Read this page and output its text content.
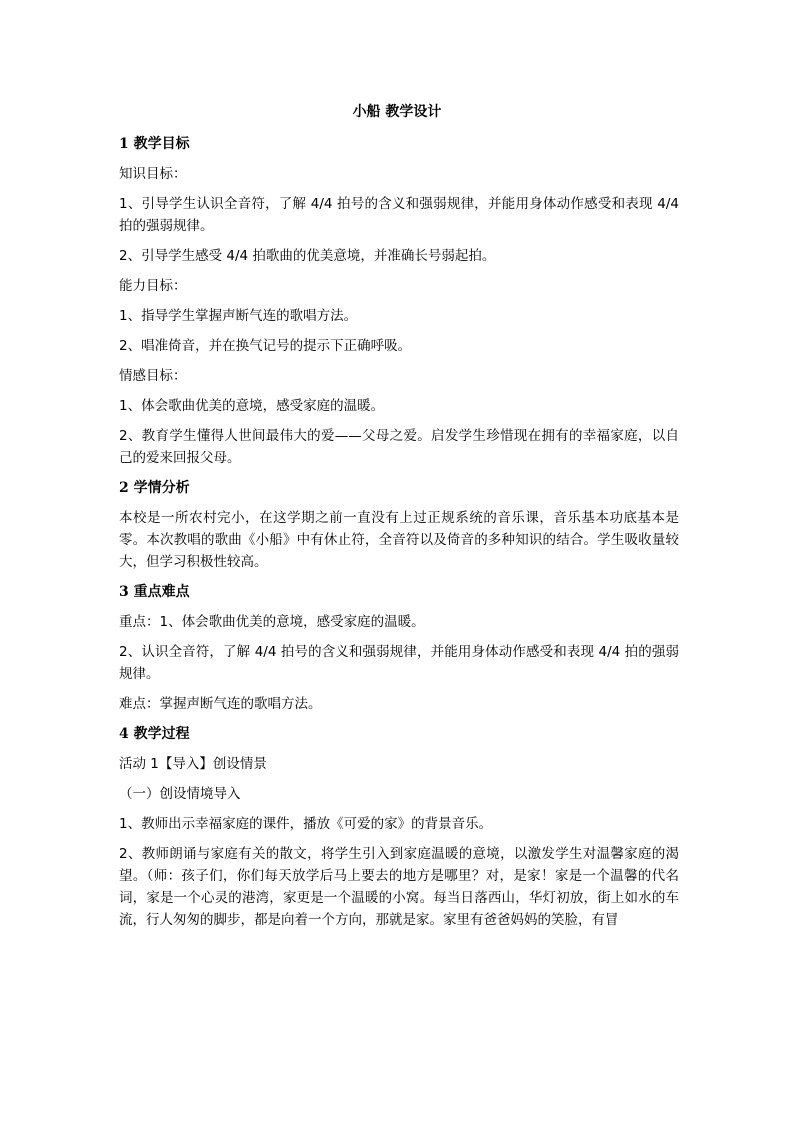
小船 教学设计

1 教学目标

知识目标：

1、引导学生认识全音符，了解 4/4 拍号的含义和强弱规律，并能用身体动作感受和表现 4/4 拍的强弱规律。

2、引导学生感受 4/4 拍歌曲的优美意境，并准确长号弱起拍。

能力目标：

1、指导学生掌握声断气连的歌唱方法。

2、唱准倚音，并在换气记号的提示下正确呼吸。

情感目标：

1、体会歌曲优美的意境，感受家庭的温暖。

2、教育学生懂得人世间最伟大的爱——父母之爱。启发学生珍惜现在拥有的幸福家庭，以自己的爱来回报父母。

2 学情分析

本校是一所农村完小，在这学期之前一直没有上过正规系统的音乐课，音乐基本功底基本是零。本次教唱的歌曲《小船》中有休止符，全音符以及倚音的多种知识的结合。学生吸收量较大，但学习积极性较高。

3 重点难点

重点：1、体会歌曲优美的意境，感受家庭的温暖。

2、认识全音符，了解 4/4 拍号的含义和强弱规律，并能用身体动作感受和表现 4/4 拍的强弱规律。

难点：掌握声断气连的歌唱方法。

4 教学过程

活动 1【导入】创设情景

（一）创设情境导入

1、教师出示幸福家庭的课件，播放《可爱的家》的背景音乐。

2、教师朗诵与家庭有关的散文，将学生引入到家庭温暖的意境，以激发学生对温馨家庭的渴望。（师：孩子们，你们每天放学后马上要去的地方是哪里？对，是家！家是一个温馨的代名词，家是一个心灵的港湾，家更是一个温暖的小窝。每当日落西山，华灯初放，街上如水的车流，行人匆匆的脚步，都是向着一个方向，那就是家。家里有爸爸妈妈的笑脸，有冒
